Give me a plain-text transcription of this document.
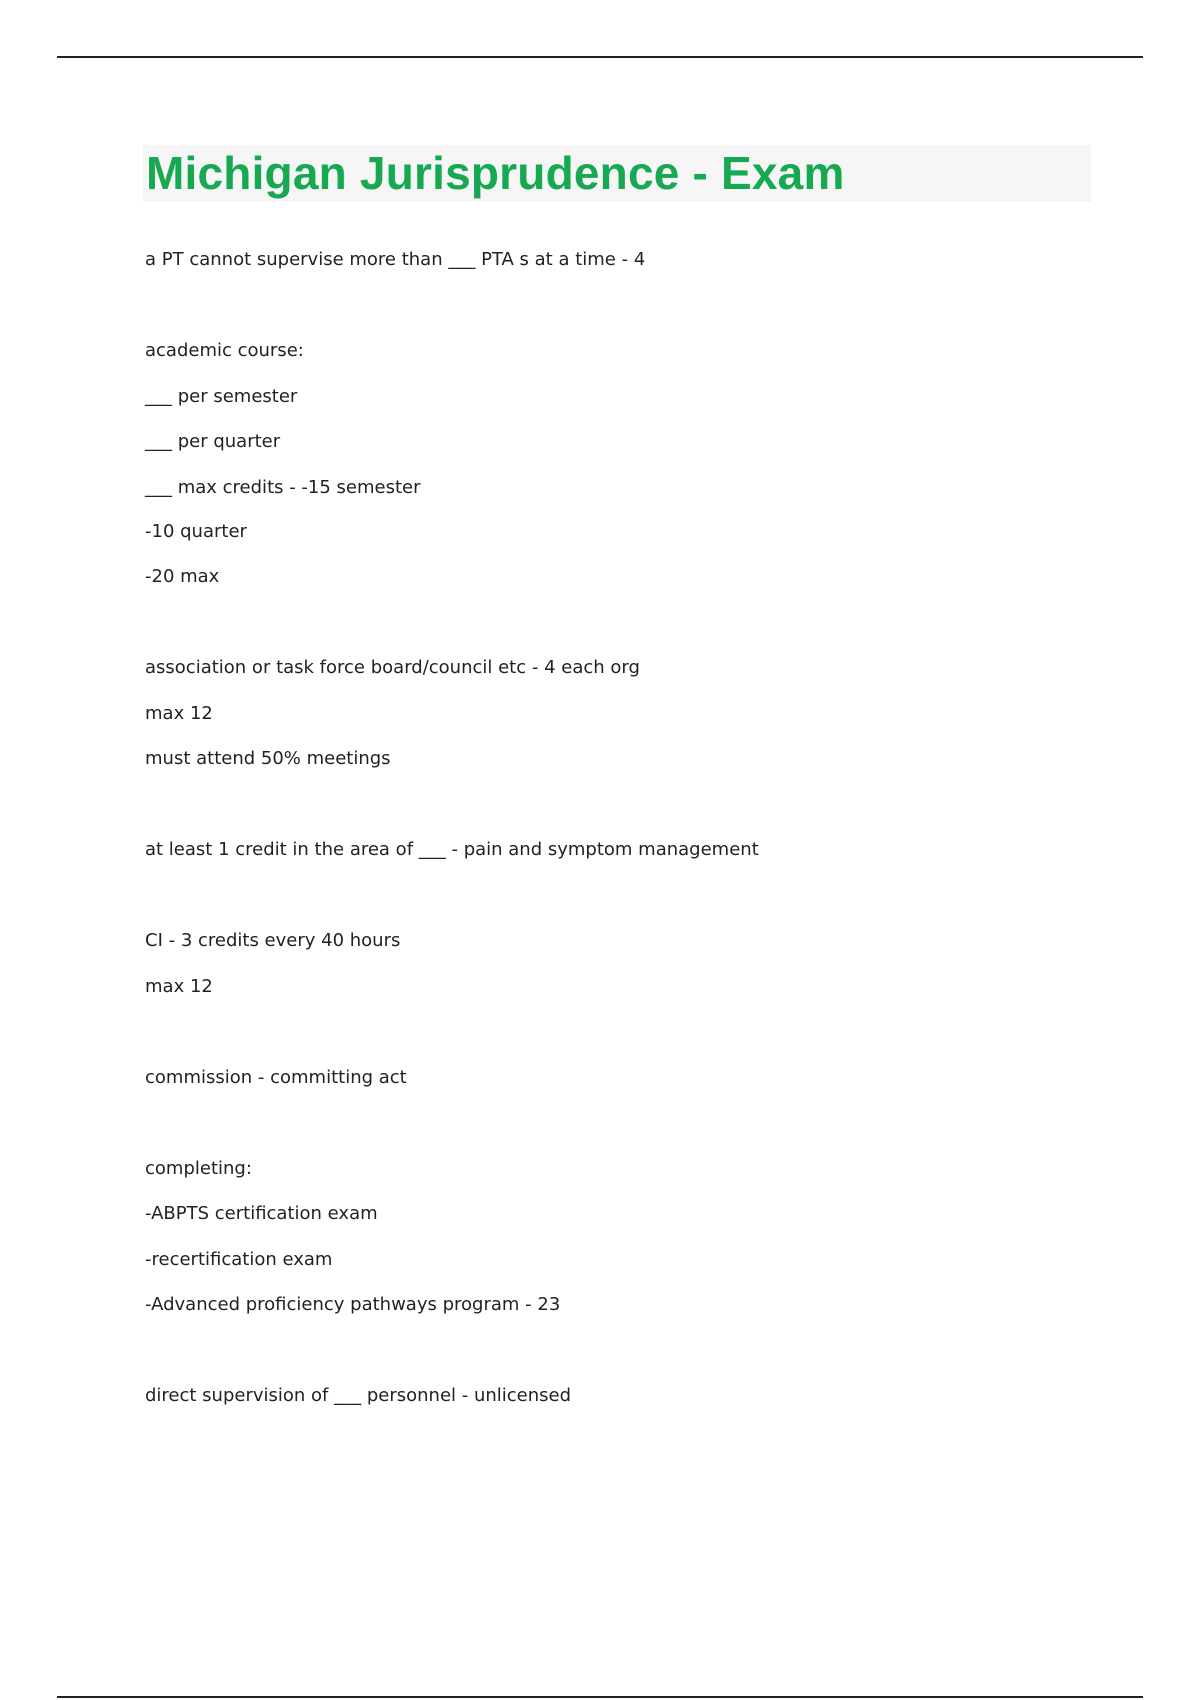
Michigan Jurisprudence - Exam

a PT cannot supervise more than ___ PTA s at a time - 4

academic course:

___ per semester

___ per quarter

___ max credits - -15 semester

-10 quarter

-20 max

association or task force board/council etc - 4 each org

max 12

must attend 50% meetings

at least 1 credit in the area of ___ - pain and symptom management

CI - 3 credits every 40 hours

max 12

commission - committing act

completing:

-ABPTS certification exam

-recertification exam

-Advanced proficiency pathways program - 23

direct supervision of ___ personnel - unlicensed
